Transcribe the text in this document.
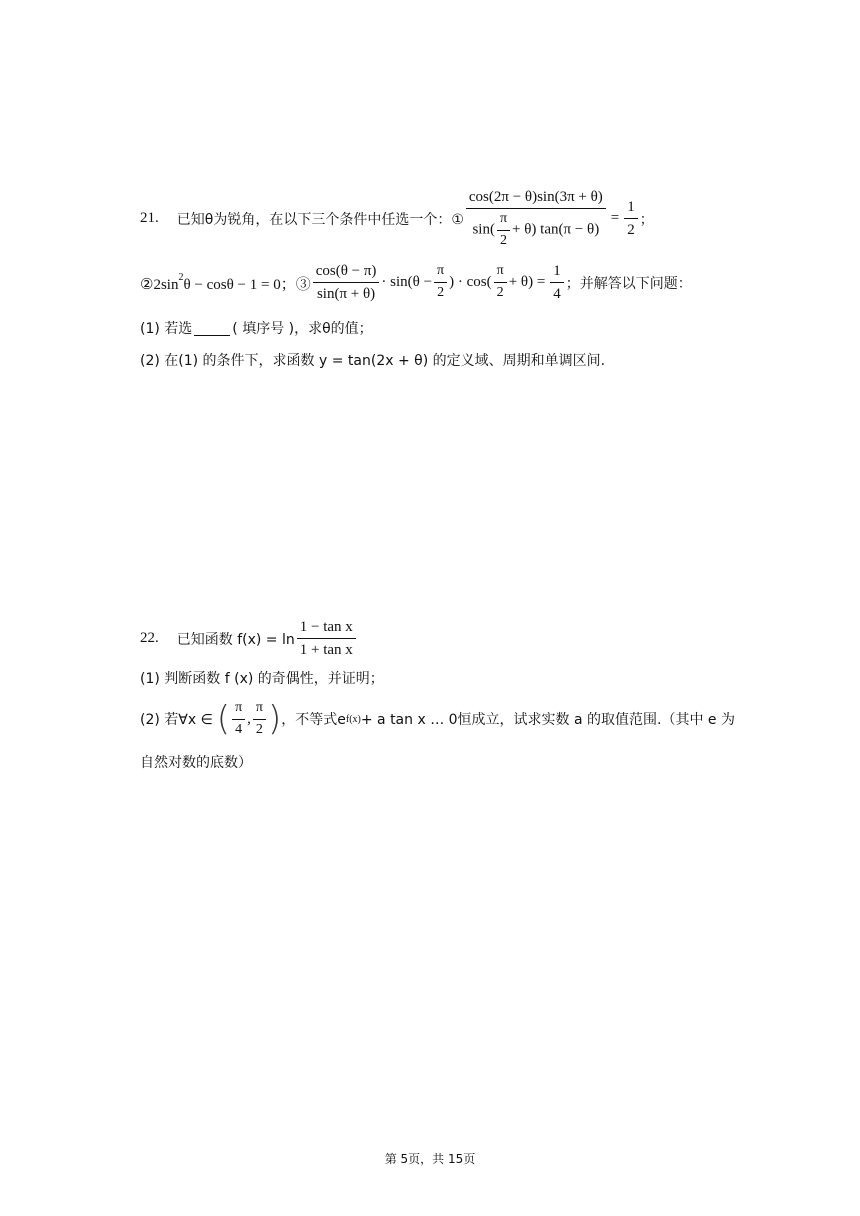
21. 已知θ为锐角，在以下三个条件中任选一个：① $\frac{\cos(2\pi - \theta)\sin(3\pi + \theta)}{\sin( \frac{\pi}{2} + \theta) \tan(\pi - \theta)} = \frac{1}{2}$ ；
$②2\sin^2\theta - \cos\theta - 1 = 0$；③ $\frac{\cos(\theta - \pi)}{\sin(\pi + \theta)} \cdot \sin(\theta - \frac{\pi}{2}$ ) · $\cos( \frac{\pi}{2} + \theta) = \frac{1}{4}$ ；并解答以下问题：
(1) 若选	( 填序号 )，求θ的值；
(2) 在(1) 的条件下，求函数 y = tan(2x + θ) 的定义域、周期和单调区间.
22. 已知函数 $f(x) = \ln \frac{\text{1 − tan x}}{\text{1 + tan x}}$
(1) 判断函数 f (x) 的奇偶性，并证明；
(2) 若∀x ∈ ( $\frac{\pi}{4}$ , $\frac{\pi}{2}$ ) ，不等式e f(x) + a tan x … 0恒成立，试求实数 a 的取值范围.（其中 e 为
自然对数的底数）
第 5页，共 15页
